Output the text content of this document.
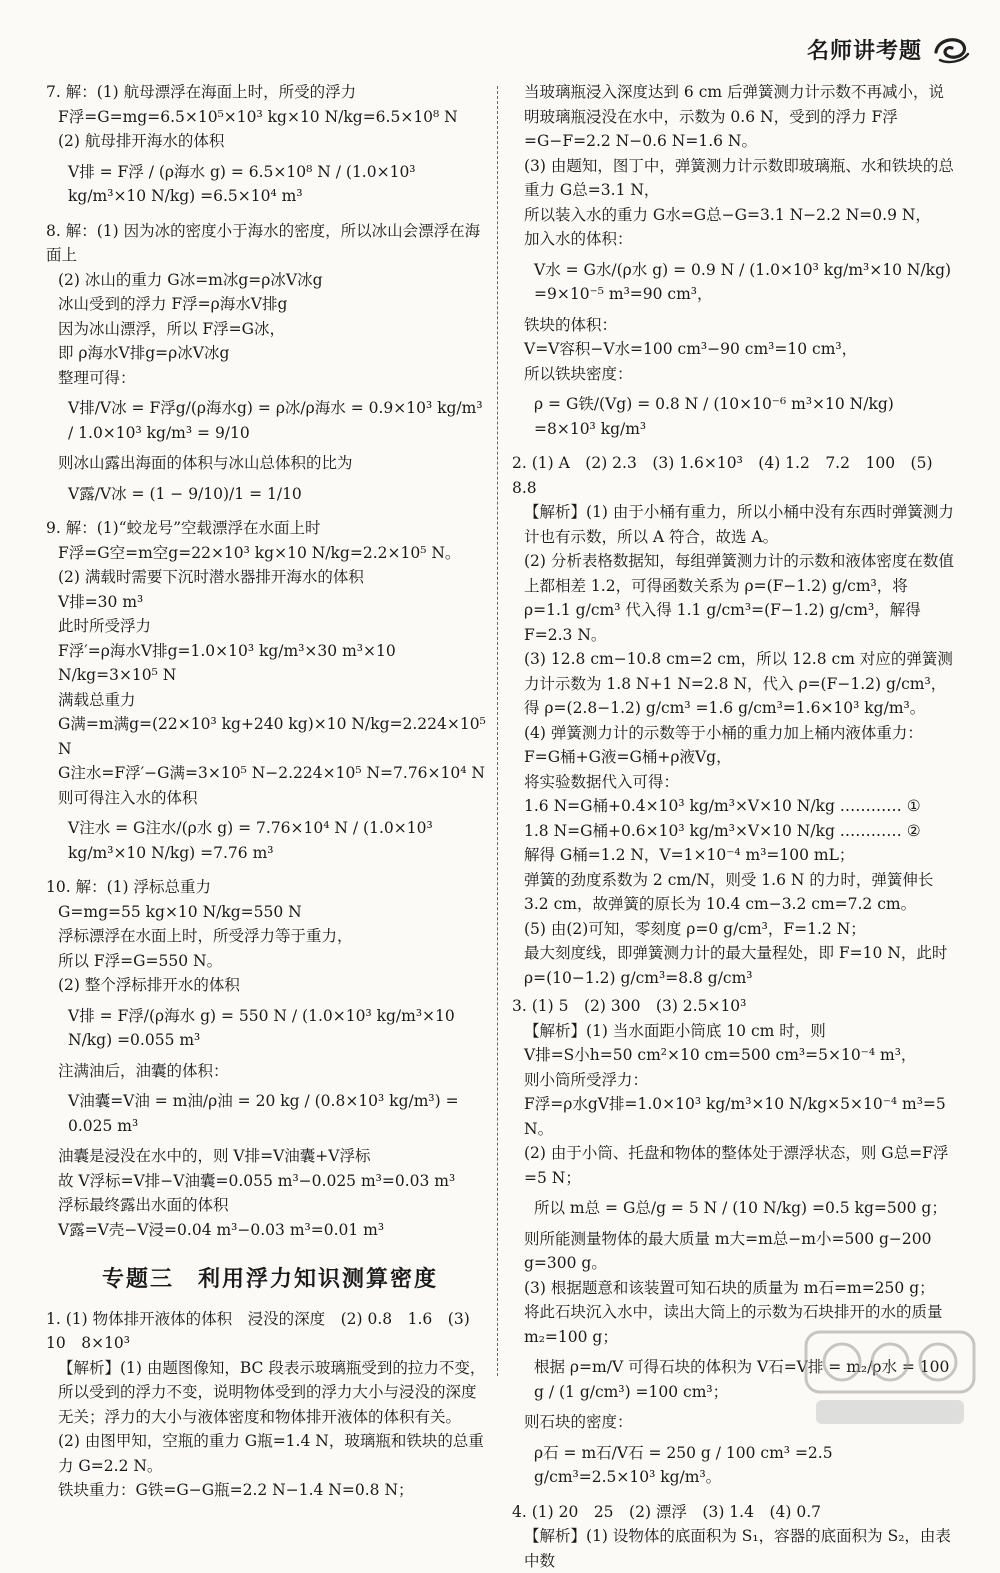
名师讲考题

7. 解：(1) 航母漂浮在海面上时，所受的浮力

F浮=G=mg=6.5×10⁵×10³ kg×10 N/kg=6.5×10⁸ N

(2) 航母排开海水的体积

V排 = F浮 / (ρ海水 g) = 6.5×10⁸ N / (1.0×10³ kg/m³×10 N/kg) =6.5×10⁴ m³

8. 解：(1) 因为冰的密度小于海水的密度，所以冰山会漂浮在海面上

(2) 冰山的重力 G冰=m冰g=ρ冰V冰g

冰山受到的浮力 F浮=ρ海水V排g

因为冰山漂浮，所以 F浮=G冰，

即 ρ海水V排g=ρ冰V冰g

整理可得：

V排/V冰 = F浮g/(ρ海水g) = ρ冰/ρ海水 = 0.9×10³ kg/m³ / 1.0×10³ kg/m³ = 9/10

则冰山露出海面的体积与冰山总体积的比为

V露/V冰 = (1 − 9/10)/1 = 1/10

9. 解：(1)“蛟龙号”空载漂浮在水面上时

F浮=G空=m空g=22×10³ kg×10 N/kg=2.2×10⁵ N。

(2) 满载时需要下沉时潜水器排开海水的体积

V排=30 m³

此时所受浮力

F浮′=ρ海水V排g=1.0×10³ kg/m³×30 m³×10 N/kg=3×10⁵ N

满载总重力

G满=m满g=(22×10³ kg+240 kg)×10 N/kg=2.224×10⁵ N

G注水=F浮′−G满=3×10⁵ N−2.224×10⁵ N=7.76×10⁴ N

则可得注入水的体积

V注水 = G注水/(ρ水 g) = 7.76×10⁴ N / (1.0×10³ kg/m³×10 N/kg) =7.76 m³

10. 解：(1) 浮标总重力

G=mg=55 kg×10 N/kg=550 N

浮标漂浮在水面上时，所受浮力等于重力，

所以 F浮=G=550 N。

(2) 整个浮标排开水的体积

V排 = F浮/(ρ海水 g) = 550 N / (1.0×10³ kg/m³×10 N/kg) =0.055 m³

注满油后，油囊的体积：

V油囊=V油 = m油/ρ油 = 20 kg / (0.8×10³ kg/m³) = 0.025 m³

油囊是浸没在水中的，则 V排=V油囊+V浮标

故 V浮标=V排−V油囊=0.055 m³−0.025 m³=0.03 m³

浮标最终露出水面的体积

V露=V壳−V浸=0.04 m³−0.03 m³=0.01 m³

专题三　利用浮力知识测算密度

1. (1) 物体排开液体的体积　浸没的深度　(2) 0.8　1.6　(3) 10　8×10³

【解析】(1) 由题图像知，BC 段表示玻璃瓶受到的拉力不变，所以受到的浮力不变，说明物体受到的浮力大小与浸没的深度无关；浮力的大小与液体密度和物体排开液体的体积有关。

(2) 由图甲知，空瓶的重力 G瓶=1.4 N，玻璃瓶和铁块的总重力 G=2.2 N。

铁块重力：G铁=G−G瓶=2.2 N−1.4 N=0.8 N；

当玻璃瓶浸入深度达到 6 cm 后弹簧测力计示数不再减小，说明玻璃瓶浸没在水中，示数为 0.6 N，受到的浮力 F浮=G−F=2.2 N−0.6 N=1.6 N。

(3) 由题知，图丁中，弹簧测力计示数即玻璃瓶、水和铁块的总重力 G总=3.1 N，

所以装入水的重力 G水=G总−G=3.1 N−2.2 N=0.9 N，

加入水的体积：

V水 = G水/(ρ水 g) = 0.9 N / (1.0×10³ kg/m³×10 N/kg) =9×10⁻⁵ m³=90 cm³，

铁块的体积：

V=V容积−V水=100 cm³−90 cm³=10 cm³，

所以铁块密度：

ρ = G铁/(Vg) = 0.8 N / (10×10⁻⁶ m³×10 N/kg) =8×10³ kg/m³

2. (1) A　(2) 2.3　(3) 1.6×10³　(4) 1.2　7.2　100　(5) 8.8

【解析】(1) 由于小桶有重力，所以小桶中没有东西时弹簧测力计也有示数，所以 A 符合，故选 A。

(2) 分析表格数据知，每组弹簧测力计的示数和液体密度在数值上都相差 1.2，可得函数关系为 ρ=(F−1.2) g/cm³，将 ρ=1.1 g/cm³ 代入得 1.1 g/cm³=(F−1.2) g/cm³，解得 F=2.3 N。

(3) 12.8 cm−10.8 cm=2 cm，所以 12.8 cm 对应的弹簧测力计示数为 1.8 N+1 N=2.8 N，代入 ρ=(F−1.2) g/cm³，得 ρ=(2.8−1.2) g/cm³ =1.6 g/cm³=1.6×10³ kg/m³。

(4) 弹簧测力计的示数等于小桶的重力加上桶内液体重力：

F=G桶+G液=G桶+ρ液Vg，

将实验数据代入可得：

1.6 N=G桶+0.4×10³ kg/m³×V×10 N/kg ………… ①

1.8 N=G桶+0.6×10³ kg/m³×V×10 N/kg ………… ②

解得 G桶=1.2 N，V=1×10⁻⁴ m³=100 mL；

弹簧的劲度系数为 2 cm/N，则受 1.6 N 的力时，弹簧伸长 3.2 cm，故弹簧的原长为 10.4 cm−3.2 cm=7.2 cm。

(5) 由(2)可知，零刻度 ρ=0 g/cm³，F=1.2 N；

最大刻度线，即弹簧测力计的最大量程处，即 F=10 N，此时 ρ=(10−1.2) g/cm³=8.8 g/cm³

3. (1) 5　(2) 300　(3) 2.5×10³

【解析】(1) 当水面距小筒底 10 cm 时，则

V排=S小h=50 cm²×10 cm=500 cm³=5×10⁻⁴ m³，

则小筒所受浮力：

F浮=ρ水gV排=1.0×10³ kg/m³×10 N/kg×5×10⁻⁴ m³=5 N。

(2) 由于小筒、托盘和物体的整体处于漂浮状态，则 G总=F浮=5 N；

所以 m总 = G总/g = 5 N / (10 N/kg) =0.5 kg=500 g；

则所能测量物体的最大质量 m大=m总−m小=500 g−200 g=300 g。

(3) 根据题意和该装置可知石块的质量为 m石=m=250 g；

将此石块沉入水中，读出大筒上的示数为石块排开的水的质量 m₂=100 g；

根据 ρ=m/V 可得石块的体积为 V石=V排 = m₂/ρ水 = 100 g / (1 g/cm³) =100 cm³；

则石块的密度：

ρ石 = m石/V石 = 250 g / 100 cm³ =2.5 g/cm³=2.5×10³ kg/m³。

4. (1) 20　25　(2) 漂浮　(3) 1.4　(4) 0.7

【解析】(1) 设物体的底面积为 S₁，容器的底面积为 S₂，由表中数
